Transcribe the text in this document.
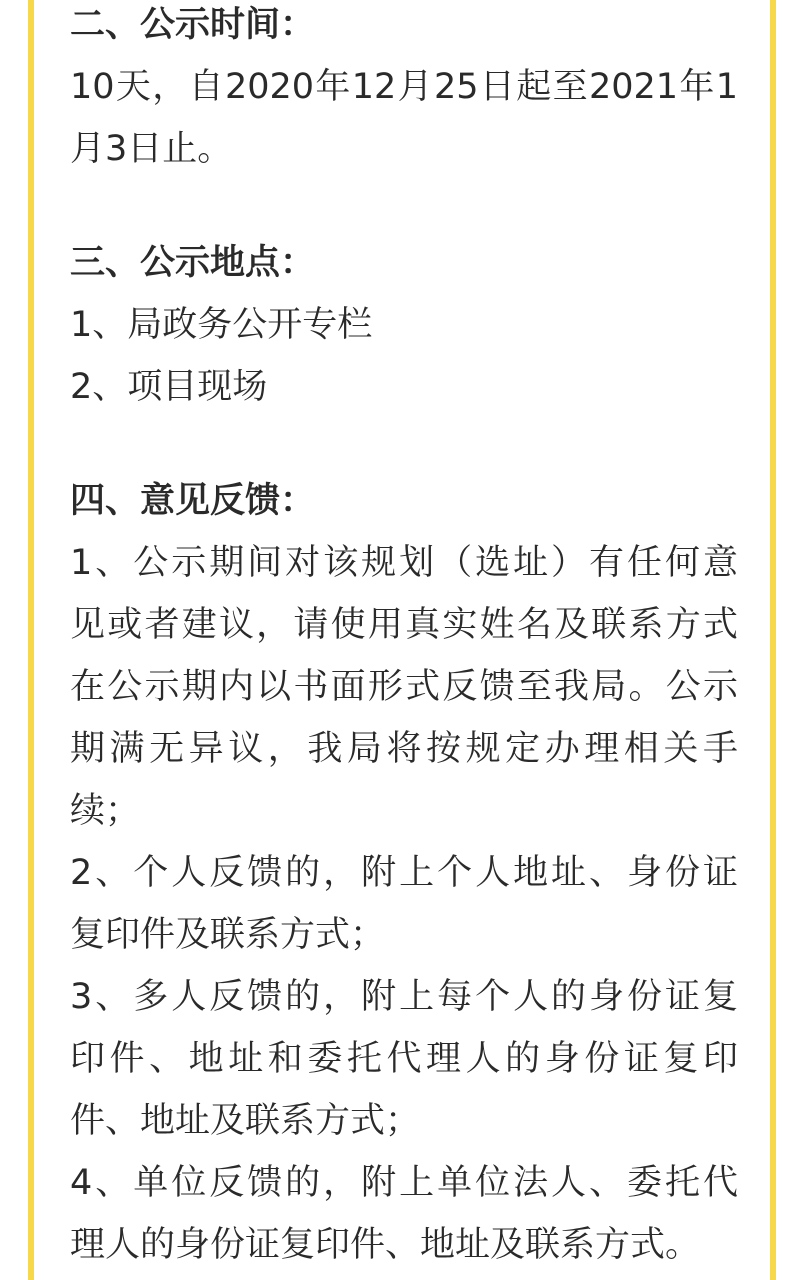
二、公示时间：
10天，自2020年12月25日起至2021年1
月3日止。
三、公示地点：
1、局政务公开专栏
2、项目现场
四、意见反馈：
1、公示期间对该规划（选址）有任何意
见或者建议，请使用真实姓名及联系方式
在公示期内以书面形式反馈至我局。公示
期满无异议，我局将按规定办理相关手
续；
2、个人反馈的，附上个人地址、身份证
复印件及联系方式；
3、多人反馈的，附上每个人的身份证复
印件、地址和委托代理人的身份证复印
件、地址及联系方式；
4、单位反馈的，附上单位法人、委托代
理人的身份证复印件、地址及联系方式。
